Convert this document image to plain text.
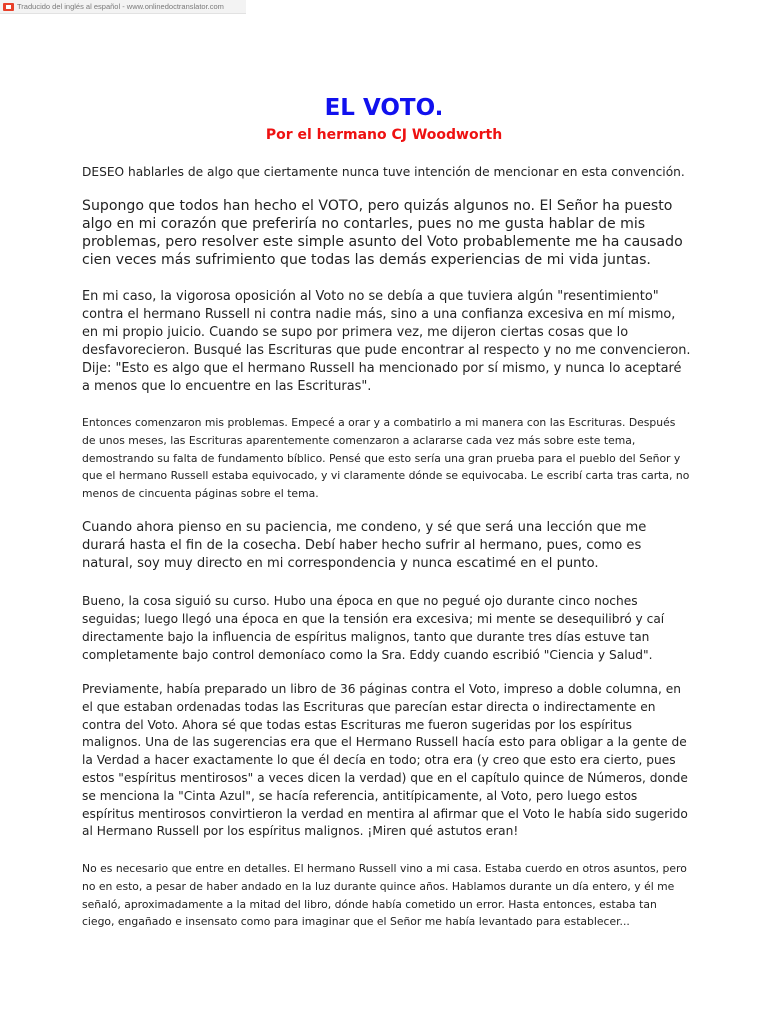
Traducido del inglés al español - www.onlinedoctranslator.com
EL VOTO.
Por el hermano CJ Woodworth

DESEO hablarles de algo que ciertamente nunca tuve intención de mencionar en esta convención.

Supongo que todos han hecho el VOTO, pero quizás algunos no. El Señor ha puesto algo en mi corazón que preferiría no contarles, pues no me gusta hablar de mis problemas, pero resolver este simple asunto del Voto probablemente me ha causado cien veces más sufrimiento que todas las demás experiencias de mi vida juntas.

En mi caso, la vigorosa oposición al Voto no se debía a que tuviera algún "resentimiento" contra el hermano Russell ni contra nadie más, sino a una confianza excesiva en mí mismo, en mi propio juicio. Cuando se supo por primera vez, me dijeron ciertas cosas que lo desfavorecieron. Busqué las Escrituras que pude encontrar al respecto y no me convencieron. Dije: "Esto es algo que el hermano Russell ha mencionado por sí mismo, y nunca lo aceptaré a menos que lo encuentre en las Escrituras".

Entonces comenzaron mis problemas. Empecé a orar y a combatirlo a mi manera con las Escrituras. Después de unos meses, las Escrituras aparentemente comenzaron a aclararse cada vez más sobre este tema, demostrando su falta de fundamento bíblico. Pensé que esto sería una gran prueba para el pueblo del Señor y que el hermano Russell estaba equivocado, y vi claramente dónde se equivocaba. Le escribí carta tras carta, no menos de cincuenta páginas sobre el tema.

Cuando ahora pienso en su paciencia, me condeno, y sé que será una lección que me durará hasta el fin de la cosecha. Debí haber hecho sufrir al hermano, pues, como es natural, soy muy directo en mi correspondencia y nunca escatimé en el punto.

Bueno, la cosa siguió su curso. Hubo una época en que no pegué ojo durante cinco noches seguidas; luego llegó una época en que la tensión era excesiva; mi mente se desequilibró y caí directamente bajo la influencia de espíritus malignos, tanto que durante tres días estuve tan completamente bajo control demoníaco como la Sra. Eddy cuando escribió "Ciencia y Salud".

Previamente, había preparado un libro de 36 páginas contra el Voto, impreso a doble columna, en el que estaban ordenadas todas las Escrituras que parecían estar directa o indirectamente en contra del Voto. Ahora sé que todas estas Escrituras me fueron sugeridas por los espíritus malignos. Una de las sugerencias era que el Hermano Russell hacía esto para obligar a la gente de la Verdad a hacer exactamente lo que él decía en todo; otra era (y creo que esto era cierto, pues estos "espíritus mentirosos" a veces dicen la verdad) que en el capítulo quince de Números, donde se menciona la "Cinta Azul", se hacía referencia, antitípicamente, al Voto, pero luego estos espíritus mentirosos convirtieron la verdad en mentira al afirmar que el Voto le había sido sugerido al Hermano Russell por los espíritus malignos. ¡Miren qué astutos eran!

No es necesario que entre en detalles. El hermano Russell vino a mi casa. Estaba cuerdo en otros asuntos, pero no en esto, a pesar de haber andado en la luz durante quince años. Hablamos durante un día entero, y él me señaló, aproximadamente a la mitad del libro, dónde había cometido un error. Hasta entonces, estaba tan ciego, engañado e insensato como para imaginar que el Señor me había levantado para establecer...
